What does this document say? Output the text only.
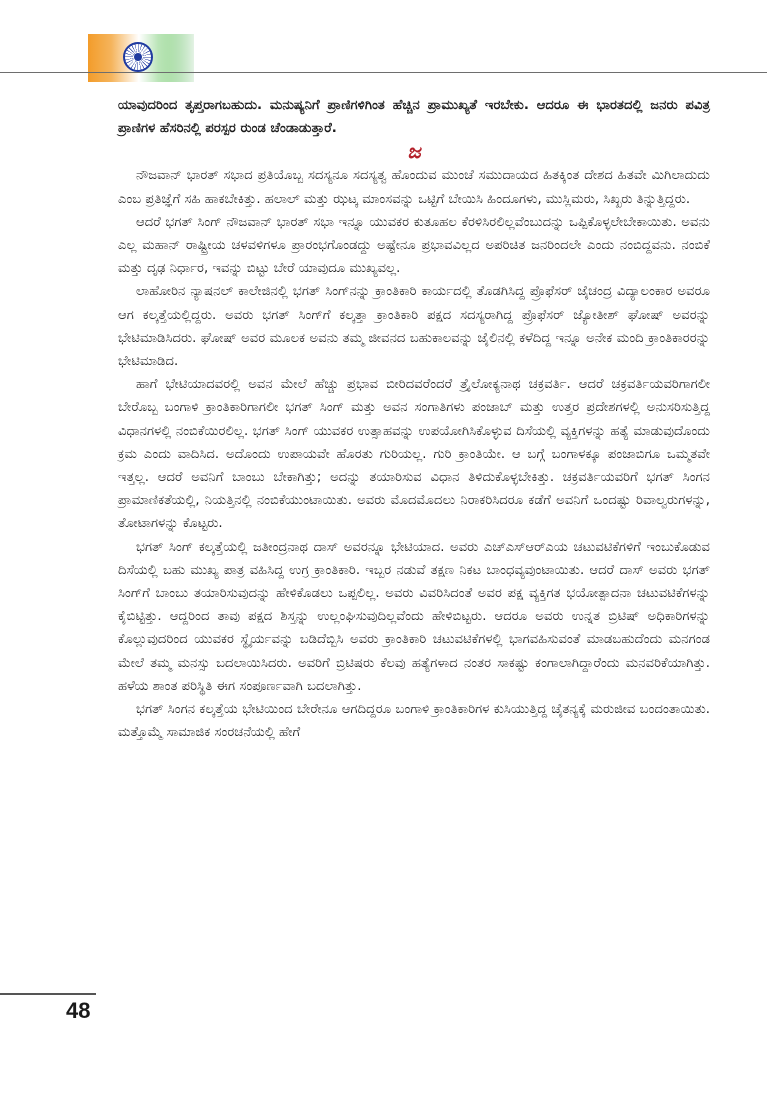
ಯಾವುದರಿಂದ ತೃಪ್ತರಾಗಬಹುದು. ಮನುಷ್ಯನಿಗೆ ಪ್ರಾಣಿಗಳಿಗಿಂತ ಹೆಚ್ಚಿನ ಪ್ರಾಮುಖ್ಯತೆ ಇರಬೇಕು. ಆದರೂ ಈ ಭಾರತದಲ್ಲಿ ಜನರು ಪವಿತ್ರ ಪ್ರಾಣಿಗಳ ಹೆಸರಿನಲ್ಲಿ ಪರಸ್ಪರ ರುಂಡ ಚೆಂಡಾಡುತ್ತಾರೆ.

ಜ

ನೌಜವಾನ್ ಭಾರತ್ ಸಭಾದ ಪ್ರತಿಯೊಬ್ಬ ಸದಸ್ಯನೂ ಸದಸ್ಯತ್ವ ಹೊಂದುವ ಮುಂಚೆ ಸಮುದಾಯದ ಹಿತಕ್ಕಿಂತ ದೇಶದ ಹಿತವೇ ಮಿಗಿಲಾದುದು ಎಂಬ ಪ್ರತಿಜ್ಞೆಗೆ ಸಹಿ ಹಾಕಬೇಕಿತ್ತು. ಹಲಾಲ್ ಮತ್ತು ಝಟ್ಕ ಮಾಂಸವನ್ನು ಒಟ್ಟಿಗೆ ಬೇಯಿಸಿ ಹಿಂದೂಗಳು, ಮುಸ್ಲಿಮರು, ಸಿಖ್ಖರು ತಿನ್ನುತ್ತಿದ್ದರು.

ಆದರೆ ಭಗತ್ ಸಿಂಗ್ ನೌಜವಾನ್ ಭಾರತ್ ಸಭಾ ಇನ್ನೂ ಯುವಕರ ಕುತೂಹಲ ಕೆರಳಿಸಿರಲಿಲ್ಲವೆಂಬುದನ್ನು ಒಪ್ಪಿಕೊಳ್ಳಲೇಬೇಕಾಯಿತು. ಅವನು ಎಲ್ಲ ಮಹಾನ್ ರಾಷ್ಟ್ರೀಯ ಚಳವಳಿಗಳೂ ಪ್ರಾರಂಭಗೊಂಡದ್ದು ಅಷ್ಟೇನೂ ಪ್ರಭಾವವಿಲ್ಲದ ಅಪರಿಚಿತ ಜನರಿಂದಲೇ ಎಂದು ನಂಬಿದ್ದವನು. ನಂಬಿಕೆ ಮತ್ತು ದೃಢ ನಿರ್ಧಾರ, ಇವನ್ನು ಬಿಟ್ಟು ಬೇರೆ ಯಾವುದೂ ಮುಖ್ಯವಲ್ಲ.

ಲಾಹೋರಿನ ನ್ಯಾಷನಲ್ ಕಾಲೇಜಿನಲ್ಲಿ ಭಗತ್ ಸಿಂಗ್‌ನನ್ನು ಕ್ರಾಂತಿಕಾರಿ ಕಾರ್ಯದಲ್ಲಿ ತೊಡಗಿಸಿದ್ದ ಪ್ರೊಫೆಸರ್ ಜೈಚಂದ್ರ ವಿದ್ಯಾಲಂಕಾರ ಅವರೂ ಆಗ ಕಲ್ಕತ್ತೆಯಲ್ಲಿದ್ದರು. ಅವರು ಭಗತ್ ಸಿಂಗ್‌ಗೆ ಕಲ್ಕತ್ತಾ ಕ್ರಾಂತಿಕಾರಿ ಪಕ್ಷದ ಸದಸ್ಯರಾಗಿದ್ದ ಪ್ರೊಫೆಸರ್ ಜ್ಯೋತೀಶ್ ಘೋಷ್ ಅವರನ್ನು ಭೇಟಿಮಾಡಿಸಿದರು. ಘೋಷ್ ಅವರ ಮೂಲಕ ಅವನು ತಮ್ಮ ಜೀವನದ ಬಹುಕಾಲವನ್ನು ಜೈಲಿನಲ್ಲಿ ಕಳೆದಿದ್ದ ಇನ್ನೂ ಅನೇಕ ಮಂದಿ ಕ್ರಾಂತಿಕಾರರನ್ನು ಭೇಟಿಮಾಡಿದ.

ಹಾಗೆ ಭೇಟಿಯಾದವರಲ್ಲಿ ಅವನ ಮೇಲೆ ಹೆಚ್ಚು ಪ್ರಭಾವ ಬೀರಿದವರೆಂದರೆ ತ್ರೈಲೋಕ್ಯನಾಥ ಚಕ್ರವರ್ತಿ. ಆದರೆ ಚಕ್ರವರ್ತಿಯವರಿಗಾಗಲೀ ಬೇರೊಬ್ಬ ಬಂಗಾಳಿ ಕ್ರಾಂತಿಕಾರಿಗಾಗಲೀ ಭಗತ್ ಸಿಂಗ್ ಮತ್ತು ಅವನ ಸಂಗಾತಿಗಳು ಪಂಜಾಬ್ ಮತ್ತು ಉತ್ತರ ಪ್ರದೇಶಗಳಲ್ಲಿ ಅನುಸರಿಸುತ್ತಿದ್ದ ವಿಧಾನಗಳಲ್ಲಿ ನಂಬಿಕೆಯಿರಲಿಲ್ಲ. ಭಗತ್ ಸಿಂಗ್ ಯುವಕರ ಉತ್ಸಾಹವನ್ನು ಉಪಯೋಗಿಸಿಕೊಳ್ಳುವ ದಿಸೆಯಲ್ಲಿ ವ್ಯಕ್ತಿಗಳನ್ನು ಹತ್ಯೆ ಮಾಡುವುದೊಂದು ಕ್ರಮ ಎಂದು ವಾದಿಸಿದ. ಅದೊಂದು ಉಪಾಯವೇ ಹೊರತು ಗುರಿಯಲ್ಲ. ಗುರಿ ಕ್ರಾಂತಿಯೇ. ಆ ಬಗ್ಗೆ ಬಂಗಾಳಕ್ಕೂ ಪಂಜಾಬಿಗೂ ಒಮ್ಮತವೇ ಇತ್ತಲ್ಲ. ಆದರೆ ಅವನಿಗೆ ಬಾಂಬು ಬೇಕಾಗಿತ್ತು; ಅದನ್ನು ತಯಾರಿಸುವ ವಿಧಾನ ತಿಳಿದುಕೊಳ್ಳಬೇಕಿತ್ತು. ಚಕ್ರವರ್ತಿಯವರಿಗೆ ಭಗತ್ ಸಿಂಗನ ಪ್ರಾಮಾಣಿಕತೆಯಲ್ಲಿ, ನಿಯತ್ತಿನಲ್ಲಿ ನಂಬಿಕೆಯುಂಟಾಯಿತು. ಅವರು ಮೊದಮೊದಲು ನಿರಾಕರಿಸಿದರೂ ಕಡೆಗೆ ಅವನಿಗೆ ಒಂದಷ್ಟು ರಿವಾಲ್ವರುಗಳನ್ನು, ತೋಟಾಗಳನ್ನು ಕೊಟ್ಟರು.

ಭಗತ್ ಸಿಂಗ್ ಕಲ್ಕತ್ತೆಯಲ್ಲಿ ಜತೀಂದ್ರನಾಥ ದಾಸ್ ಅವರನ್ನೂ ಭೇಟಿಯಾದ. ಅವರು ಎಚ್‌ಎಸ್‌ಆರ್‌ಎಯ ಚಟುವಟಿಕೆಗಳಿಗೆ ಇಂಬುಕೊಡುವ ದಿಸೆಯಲ್ಲಿ ಬಹು ಮುಖ್ಯ ಪಾತ್ರ ವಹಿಸಿದ್ದ ಉಗ್ರ ಕ್ರಾಂತಿಕಾರಿ. ಇಬ್ಬರ ನಡುವೆ ತಕ್ಷಣ ನಿಕಟ ಬಾಂಧವ್ಯವುಂಟಾಯಿತು. ಆದರೆ ದಾಸ್ ಅವರು ಭಗತ್ ಸಿಂಗ್‌ಗೆ ಬಾಂಬು ತಯಾರಿಸುವುದನ್ನು ಹೇಳಿಕೊಡಲು ಒಪ್ಪಲಿಲ್ಲ. ಅವರು ವಿವರಿಸಿದಂತೆ ಅವರ ಪಕ್ಷ ವ್ಯಕ್ತಿಗತ ಭಯೋತ್ಪಾದನಾ ಚಟುವಟಿಕೆಗಳನ್ನು ಕೈಬಿಟ್ಟಿತ್ತು. ಆದ್ದರಿಂದ ತಾವು ಪಕ್ಷದ ಶಿಸ್ತನ್ನು ಉಲ್ಲಂಘಿಸುವುದಿಲ್ಲವೆಂದು ಹೇಳಿಬಿಟ್ಟರು. ಆದರೂ ಅವರು ಉನ್ನತ ಬ್ರಿಟಿಷ್ ಅಧಿಕಾರಿಗಳನ್ನು ಕೊಲ್ಲುವುದರಿಂದ ಯುವಕರ ಸ್ಥೈರ್ಯವನ್ನು ಬಡಿದೆಬ್ಬಿಸಿ ಅವರು ಕ್ರಾಂತಿಕಾರಿ ಚಟುವಟಿಕೆಗಳಲ್ಲಿ ಭಾಗವಹಿಸುವಂತೆ ಮಾಡಬಹುದೆಂದು ಮನಗಂಡ ಮೇಲೆ ತಮ್ಮ ಮನಸ್ಸು ಬದಲಾಯಿಸಿದರು. ಅವರಿಗೆ ಬ್ರಿಟಿಷರು ಕೆಲವು ಹತ್ಯೆಗಳಾದ ನಂತರ ಸಾಕಷ್ಟು ಕಂಗಾಲಾಗಿದ್ದಾರೆಂದು ಮನವರಿಕೆಯಾಗಿತ್ತು. ಹಳೆಯ ಶಾಂತ ಪರಿಸ್ಥಿತಿ ಈಗ ಸಂಪೂರ್ಣವಾಗಿ ಬದಲಾಗಿತ್ತು.

ಭಗತ್ ಸಿಂಗನ ಕಲ್ಕತ್ತೆಯ ಭೇಟಿಯಿಂದ ಬೇರೇನೂ ಆಗದಿದ್ದರೂ ಬಂಗಾಳಿ ಕ್ರಾಂತಿಕಾರಿಗಳ ಕುಸಿಯುತ್ತಿದ್ದ ಚೈತನ್ಯಕ್ಕೆ ಮರುಜೀವ ಬಂದಂತಾಯಿತು. ಮತ್ತೊಮ್ಮೆ ಸಾಮಾಜಿಕ ಸಂರಚನೆಯಲ್ಲಿ ಹೇಗೆ

48
